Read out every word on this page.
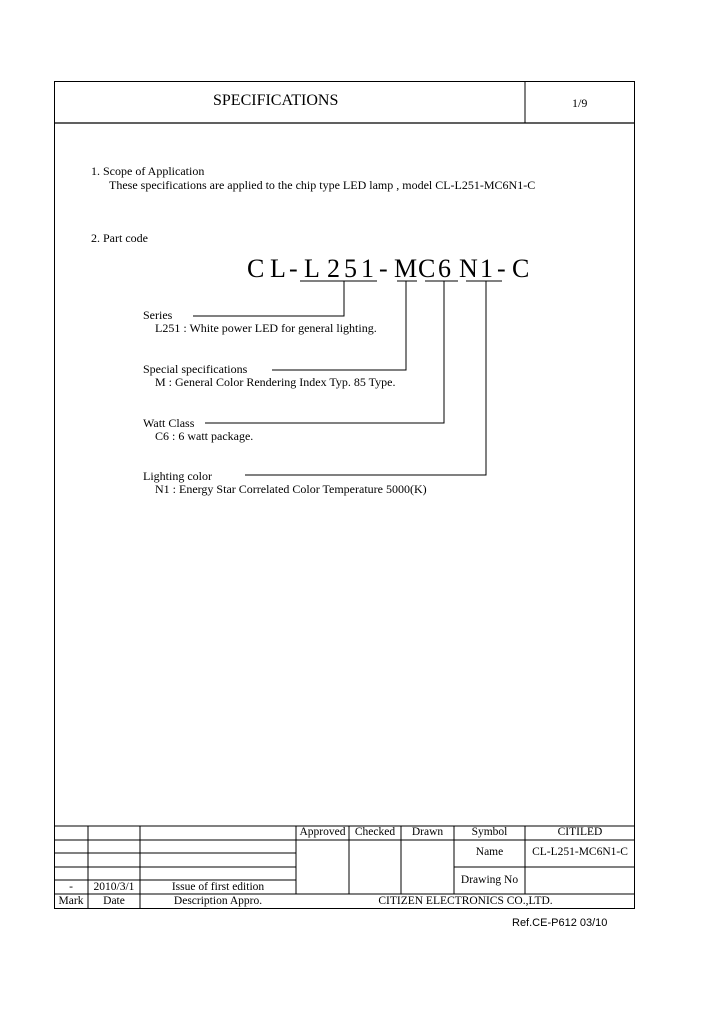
SPECIFICATIONS	1/9
1. Scope of Application
These specifications are applied to the chip type LED lamp , model CL-L251-MC6N1-C
2. Part code
C L - L 2 5 1 - M C 6 N 1 - C
Series
L251 : White power LED for general lighting.
Special specifications
M : General Color Rendering Index Typ. 85 Type.
Watt Class
C6 : 6 watt package.
Lighting color
N1 : Energy Star Correlated Color Temperature 5000(K)
Approved Checked	Drawn	Symbol	CITILED
Name	CL-L251-MC6N1-C
Drawing No
-	2010/3/1	Issue of first edition
Mark	Date	Description Appro.	CITIZEN ELECTRONICS CO.,LTD.
Ref.CE-P612 03/10
